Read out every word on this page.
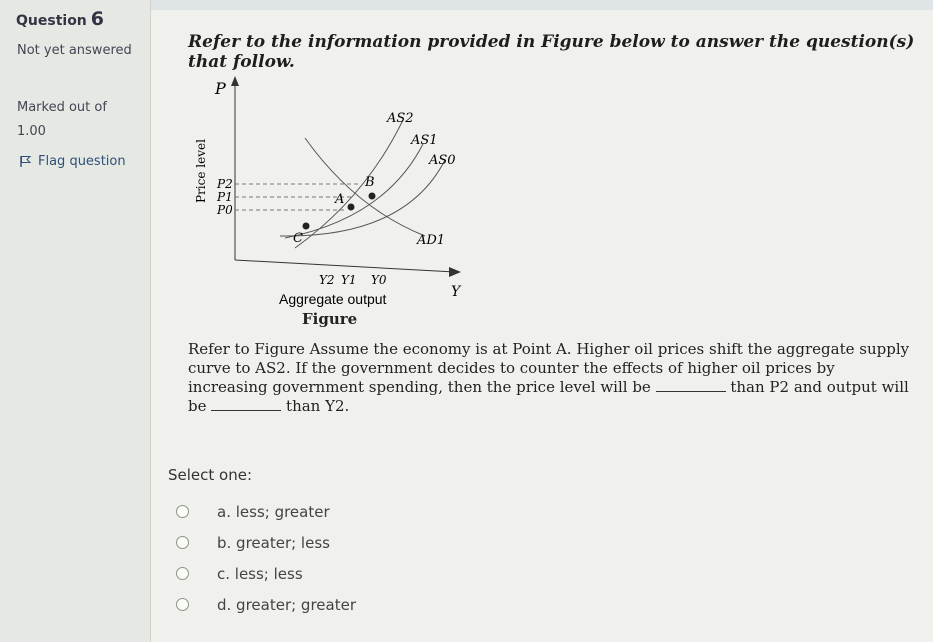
Question 6
Not yet answered
Marked out of 1.00
Flag question
Refer to the information provided in Figure below to answer the question(s) that follow.
P
Y
Price level
Aggregate output
AS2
AS1
AS0
AD1
A
B
C
P2
P1
P0
Y2 Y1 Y0
Figure
Refer to Figure Assume the economy is at Point A. Higher oil prices shift the aggregate supply curve to AS2. If the government decides to counter the effects of higher oil prices by increasing government spending, then the price level will be	than P2 and output will be	than Y2.
Select one:
a. less; greater
b. greater; less
c. less; less
d. greater; greater
